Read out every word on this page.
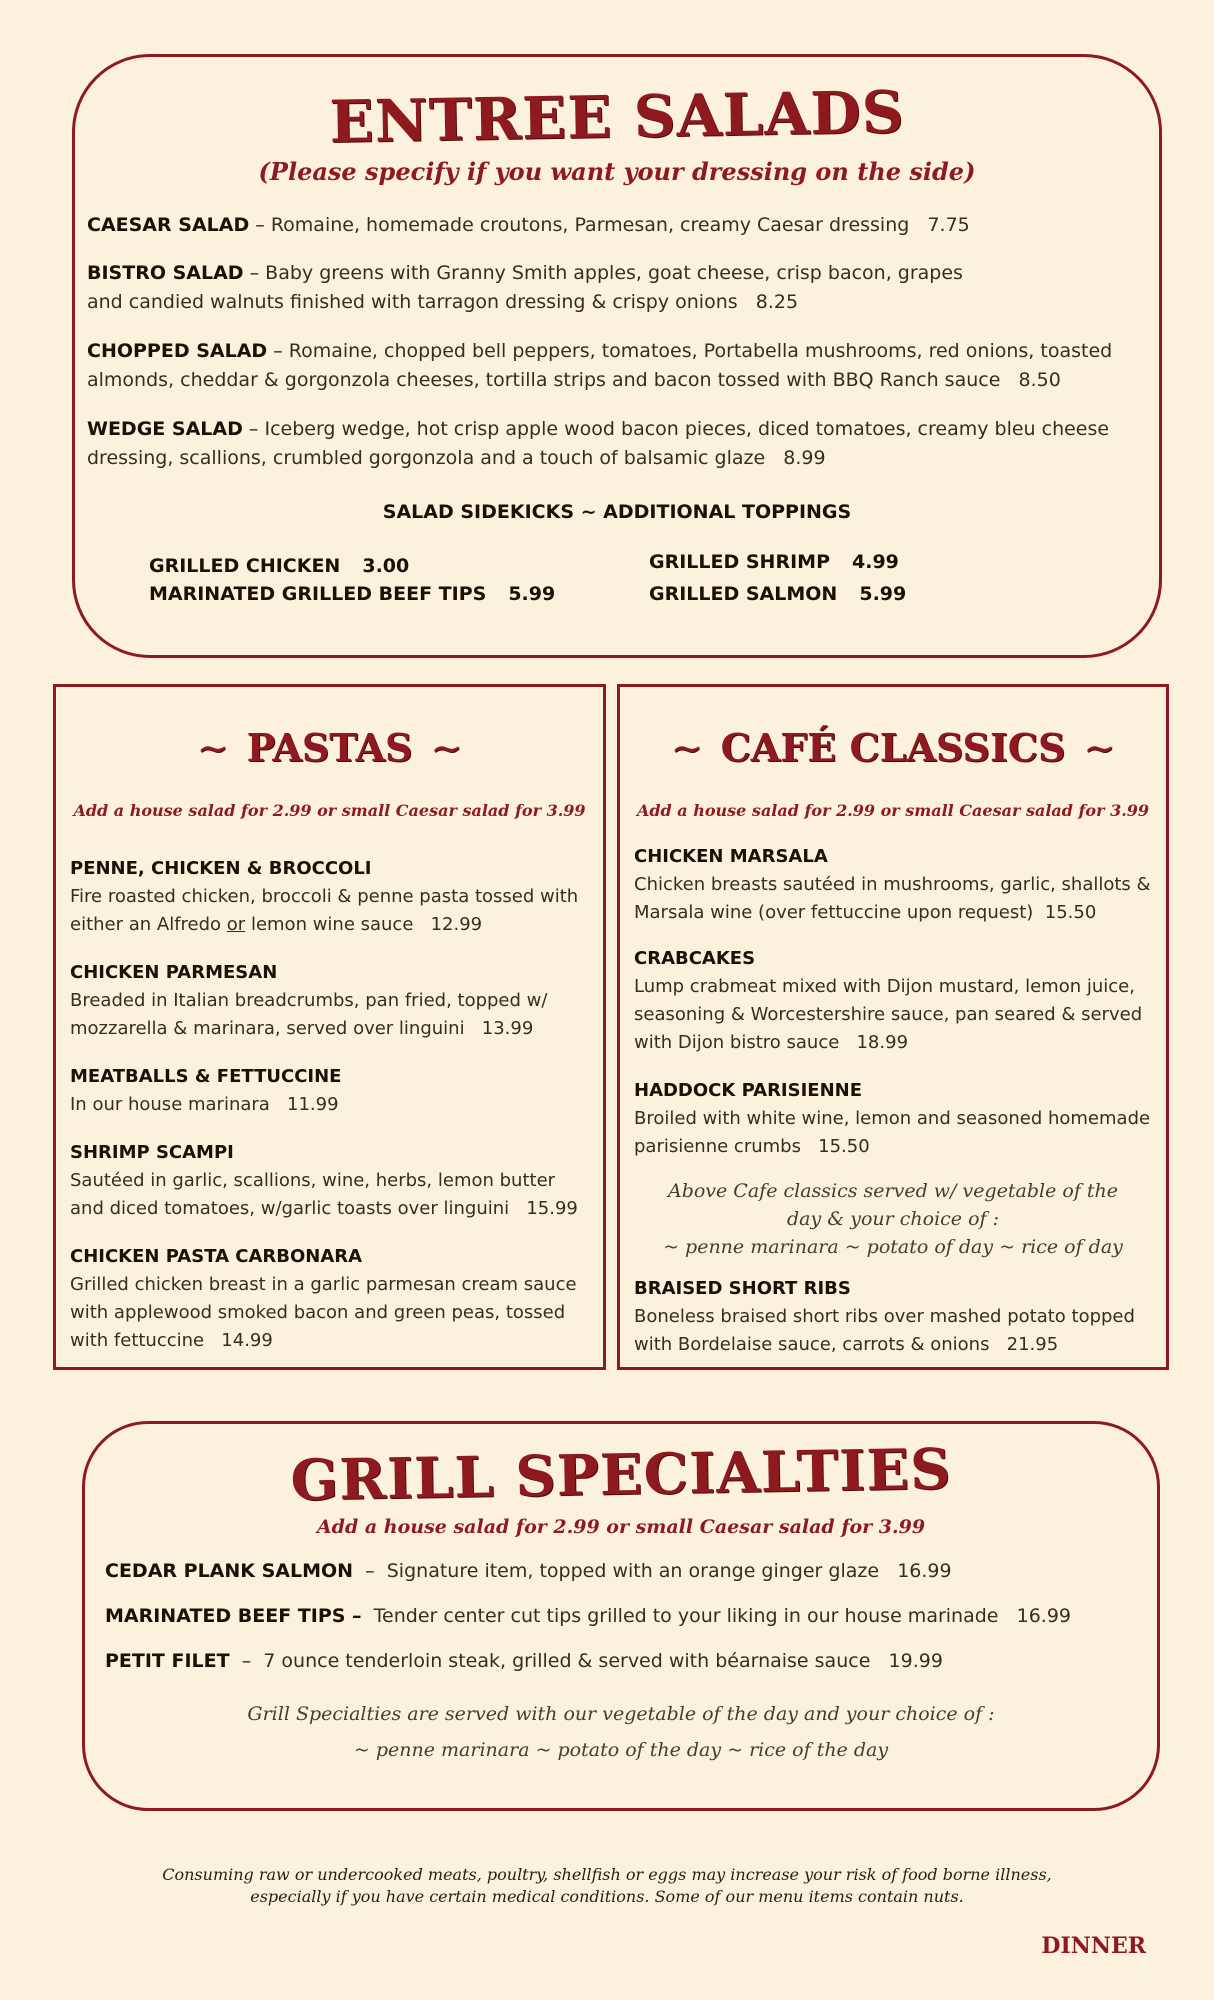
ENTREE SALADS
(Please specify if you want your dressing on the side)
CAESAR SALAD – Romaine, homemade croutons, Parmesan, creamy Caesar dressing 7.75
BISTRO SALAD – Baby greens with Granny Smith apples, goat cheese, crisp bacon, grapes and candied walnuts finished with tarragon dressing & crispy onions 8.25
CHOPPED SALAD – Romaine, chopped bell peppers, tomatoes, Portabella mushrooms, red onions, toasted almonds, cheddar & gorgonzola cheeses, tortilla strips and bacon tossed with BBQ Ranch sauce 8.50
WEDGE SALAD – Iceberg wedge, hot crisp apple wood bacon pieces, diced tomatoes, creamy bleu cheese dressing, scallions, crumbled gorgonzola and a touch of balsamic glaze 8.99
SALAD SIDEKICKS ~ ADDITIONAL TOPPINGS
GRILLED CHICKEN 3.00
MARINATED GRILLED BEEF TIPS 5.99
GRILLED SHRIMP 4.99
GRILLED SALMON 5.99
~ PASTAS ~
Add a house salad for 2.99 or small Caesar salad for 3.99
PENNE, CHICKEN & BROCCOLI
Fire roasted chicken, broccoli & penne pasta tossed with either an Alfredo or lemon wine sauce 12.99
CHICKEN PARMESAN
Breaded in Italian breadcrumbs, pan fried, topped w/ mozzarella & marinara, served over linguini 13.99
MEATBALLS & FETTUCCINE
In our house marinara 11.99
SHRIMP SCAMPI
Sautéed in garlic, scallions, wine, herbs, lemon butter and diced tomatoes, w/garlic toasts over linguini 15.99
CHICKEN PASTA CARBONARA
Grilled chicken breast in a garlic parmesan cream sauce with applewood smoked bacon and green peas, tossed with fettuccine 14.99
~ CAFÉ CLASSICS ~
Add a house salad for 2.99 or small Caesar salad for 3.99
CHICKEN MARSALA
Chicken breasts sautéed in mushrooms, garlic, shallots & Marsala wine (over fettuccine upon request) 15.50
CRABCAKES
Lump crabmeat mixed with Dijon mustard, lemon juice, seasoning & Worcestershire sauce, pan seared & served with Dijon bistro sauce 18.99
HADDOCK PARISIENNE
Broiled with white wine, lemon and seasoned homemade parisienne crumbs 15.50
Above Cafe classics served w/ vegetable of the
day & your choice of :
~ penne marinara ~ potato of day ~ rice of day
BRAISED SHORT RIBS
Boneless braised short ribs over mashed potato topped with Bordelaise sauce, carrots & onions 21.95
GRILL SPECIALTIES
Add a house salad for 2.99 or small Caesar salad for 3.99
CEDAR PLANK SALMON  –  Signature item, topped with an orange ginger glaze 16.99
MARINATED BEEF TIPS – Tender center cut tips grilled to your liking in our house marinade 16.99
PETIT FILET  –  7 ounce tenderloin steak, grilled & served with béarnaise sauce 19.99
Grill Specialties are served with our vegetable of the day and your choice of :
~ penne marinara ~ potato of the day ~ rice of the day
Consuming raw or undercooked meats, poultry, shellfish or eggs may increase your risk of food borne illness,
especially if you have certain medical conditions. Some of our menu items contain nuts.
DINNER
